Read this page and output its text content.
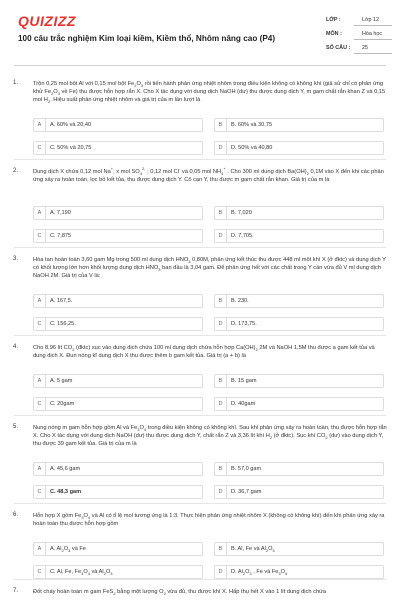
QUIZIZZ
100 câu trắc nghiệm Kim loại kiềm, Kiềm thổ, Nhôm nâng cao (P4)
LỚP :	Lớp 12
MÔN :	Hóa học
SỐ CÂU :	25
1.	Trộn 0,25 mol bột Al với 0,15 mol bột $Fe_2O_3$ rồi tiến hành phản ứng nhiệt nhôm trong điều kiện không có không khí (giả sử chỉ có phản ứng khử $Fe_2O_3$ về Fe) thu được hỗn hợp rắn X. Cho X tác dụng với dung dịch NaOH (dư) thu được dung dịch Y, m gam chất rắn khan Z và 0,15 mol $H_2$. Hiệu suất phản ứng nhiệt nhôm và giá trị của m lần lượt là
A	A. 60% và 20,40	B	B. 60% và 30,75
C	C. 50% và 20,75	D	D. 50% và 40,80
2.	Dung dịch X chứa 0,12 mol Na+; x mol $SO_4^{2-}$ ; 0,12 mol Cl- và 0,05 mol $NH_4^+$ . Cho 300 ml dung dịch $Ba(OH)_2$ 0,1M vào X đến khi các phản ứng xảy ra hoàn toàn, lọc bỏ kết tủa, thu được dung dịch Y. Cô cạn Y, thu được m gam chất rắn khan. Giá trị của m là
A	A. 7,190	B	B. 7,020
C	C. 7,875	D	D. 7,705.
3.	Hòa tan hoàn toàn 3,60 gam Mg trong 500 ml dung dịch $HNO_3$ 0,80M, phản ứng kết thúc thu được 448 ml một khí X (ở đktc) và dung dịch Y có khối lượng lớn hơn khối lượng dung dịch $HNO_3$ ban đầu là 3,04 gam. Để phản ứng hết với các chất trong Y cần vừa đủ V ml dung dịch NaOH 2M. Giá trị của V là:
A	A. 167,5.	B	B. 230.
C	C. 156,25.	D	D. 173,75.
4.	Cho 8,96 lít $CO_2$ (đktc) sục vào dung dịch chứa 100 ml dung dịch chứa hỗn hợp $Ca(OH)_2$ 2M và NaOH 1,5M thu được a gam kết tủa và dung dịch X. Đun nóng kĩ dung dịch X thu được thêm b gam kết tủa. Giá trị (a + b) là
A	A. 5 gam	B	B. 15 gam
C	C. 20gam	D	D. 40gam
5.	Nung nóng m gam hỗn hợp gồm Al và $Fe_3O_4$ trong điều kiện không có không khí. Sau khi phản ứng xảy ra hoàn toàn, thu được hỗn hợp rắn X. Cho X tác dụng với dung dịch NaOH (dư) thu được dung dịch Y, chất rắn Z và 3,36 lít khí $H_2$ (ở đktc). Sục khí $CO_2$ (dư) vào dung dịch Y, thu được 39 gam kết tủa. Giá trị của m là
A	A. 45,6 gam	B	B. 57,0 gam
C	C. 48,3 gam	D	D. 36,7 gam
6.	Hỗn hợp X gồm $Fe_3O_4$ và Al có tỉ lệ mol tương ứng là 1:3. Thực hiện phản ứng nhiệt nhôm X (không có không khí) đến khi phản ứng xảy ra hoàn toàn thu được hỗn hợp gồm
A	A. $Al_2O_3$ và Fe	B	B. Al, Fe và $Al_2O_3$
C	C. Al, Fe, $Fe_3O_4$ và $Al_2O_3$	D	D. $Al_2O_3$ , Fe và $Fe_3O_4$
7.	Đốt cháy hoàn toàn m gam FeS$_2$ bằng một lượng $O_2$ vừa đủ, thu được khí X. Hấp thụ hết X vào 1 lít dung dịch chứa
